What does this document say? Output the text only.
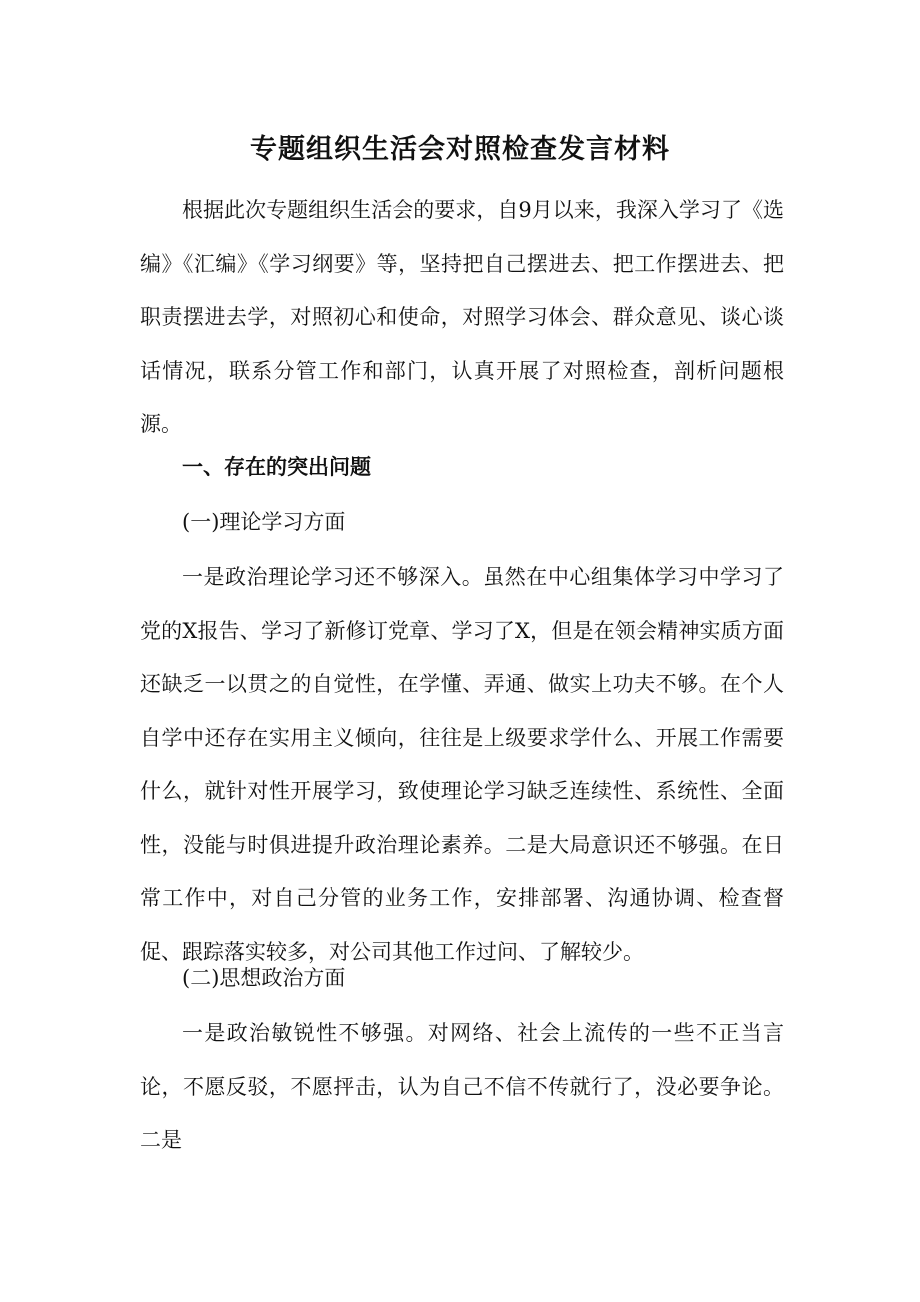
专题组织生活会对照检查发言材料

根据此次专题组织生活会的要求，自9月以来，我深入学习了《选编》《汇编》《学习纲要》等，坚持把自己摆进去、把工作摆进去、把职责摆进去学，对照初心和使命，对照学习体会、群众意见、谈心谈话情况，联系分管工作和部门，认真开展了对照检查，剖析问题根源。

一、存在的突出问题

(一)理论学习方面

一是政治理论学习还不够深入。虽然在中心组集体学习中学习了党的X报告、学习了新修订党章、学习了X，但是在领会精神实质方面还缺乏一以贯之的自觉性，在学懂、弄通、做实上功夫不够。在个人自学中还存在实用主义倾向，往往是上级要求学什么、开展工作需要什么，就针对性开展学习，致使理论学习缺乏连续性、系统性、全面性，没能与时俱进提升政治理论素养。二是大局意识还不够强。在日常工作中，对自己分管的业务工作，安排部署、沟通协调、检查督促、跟踪落实较多，对公司其他工作过问、了解较少。

(二)思想政治方面

一是政治敏锐性不够强。对网络、社会上流传的一些不正当言论，不愿反驳，不愿抨击，认为自己不信不传就行了，没必要争论。二是
